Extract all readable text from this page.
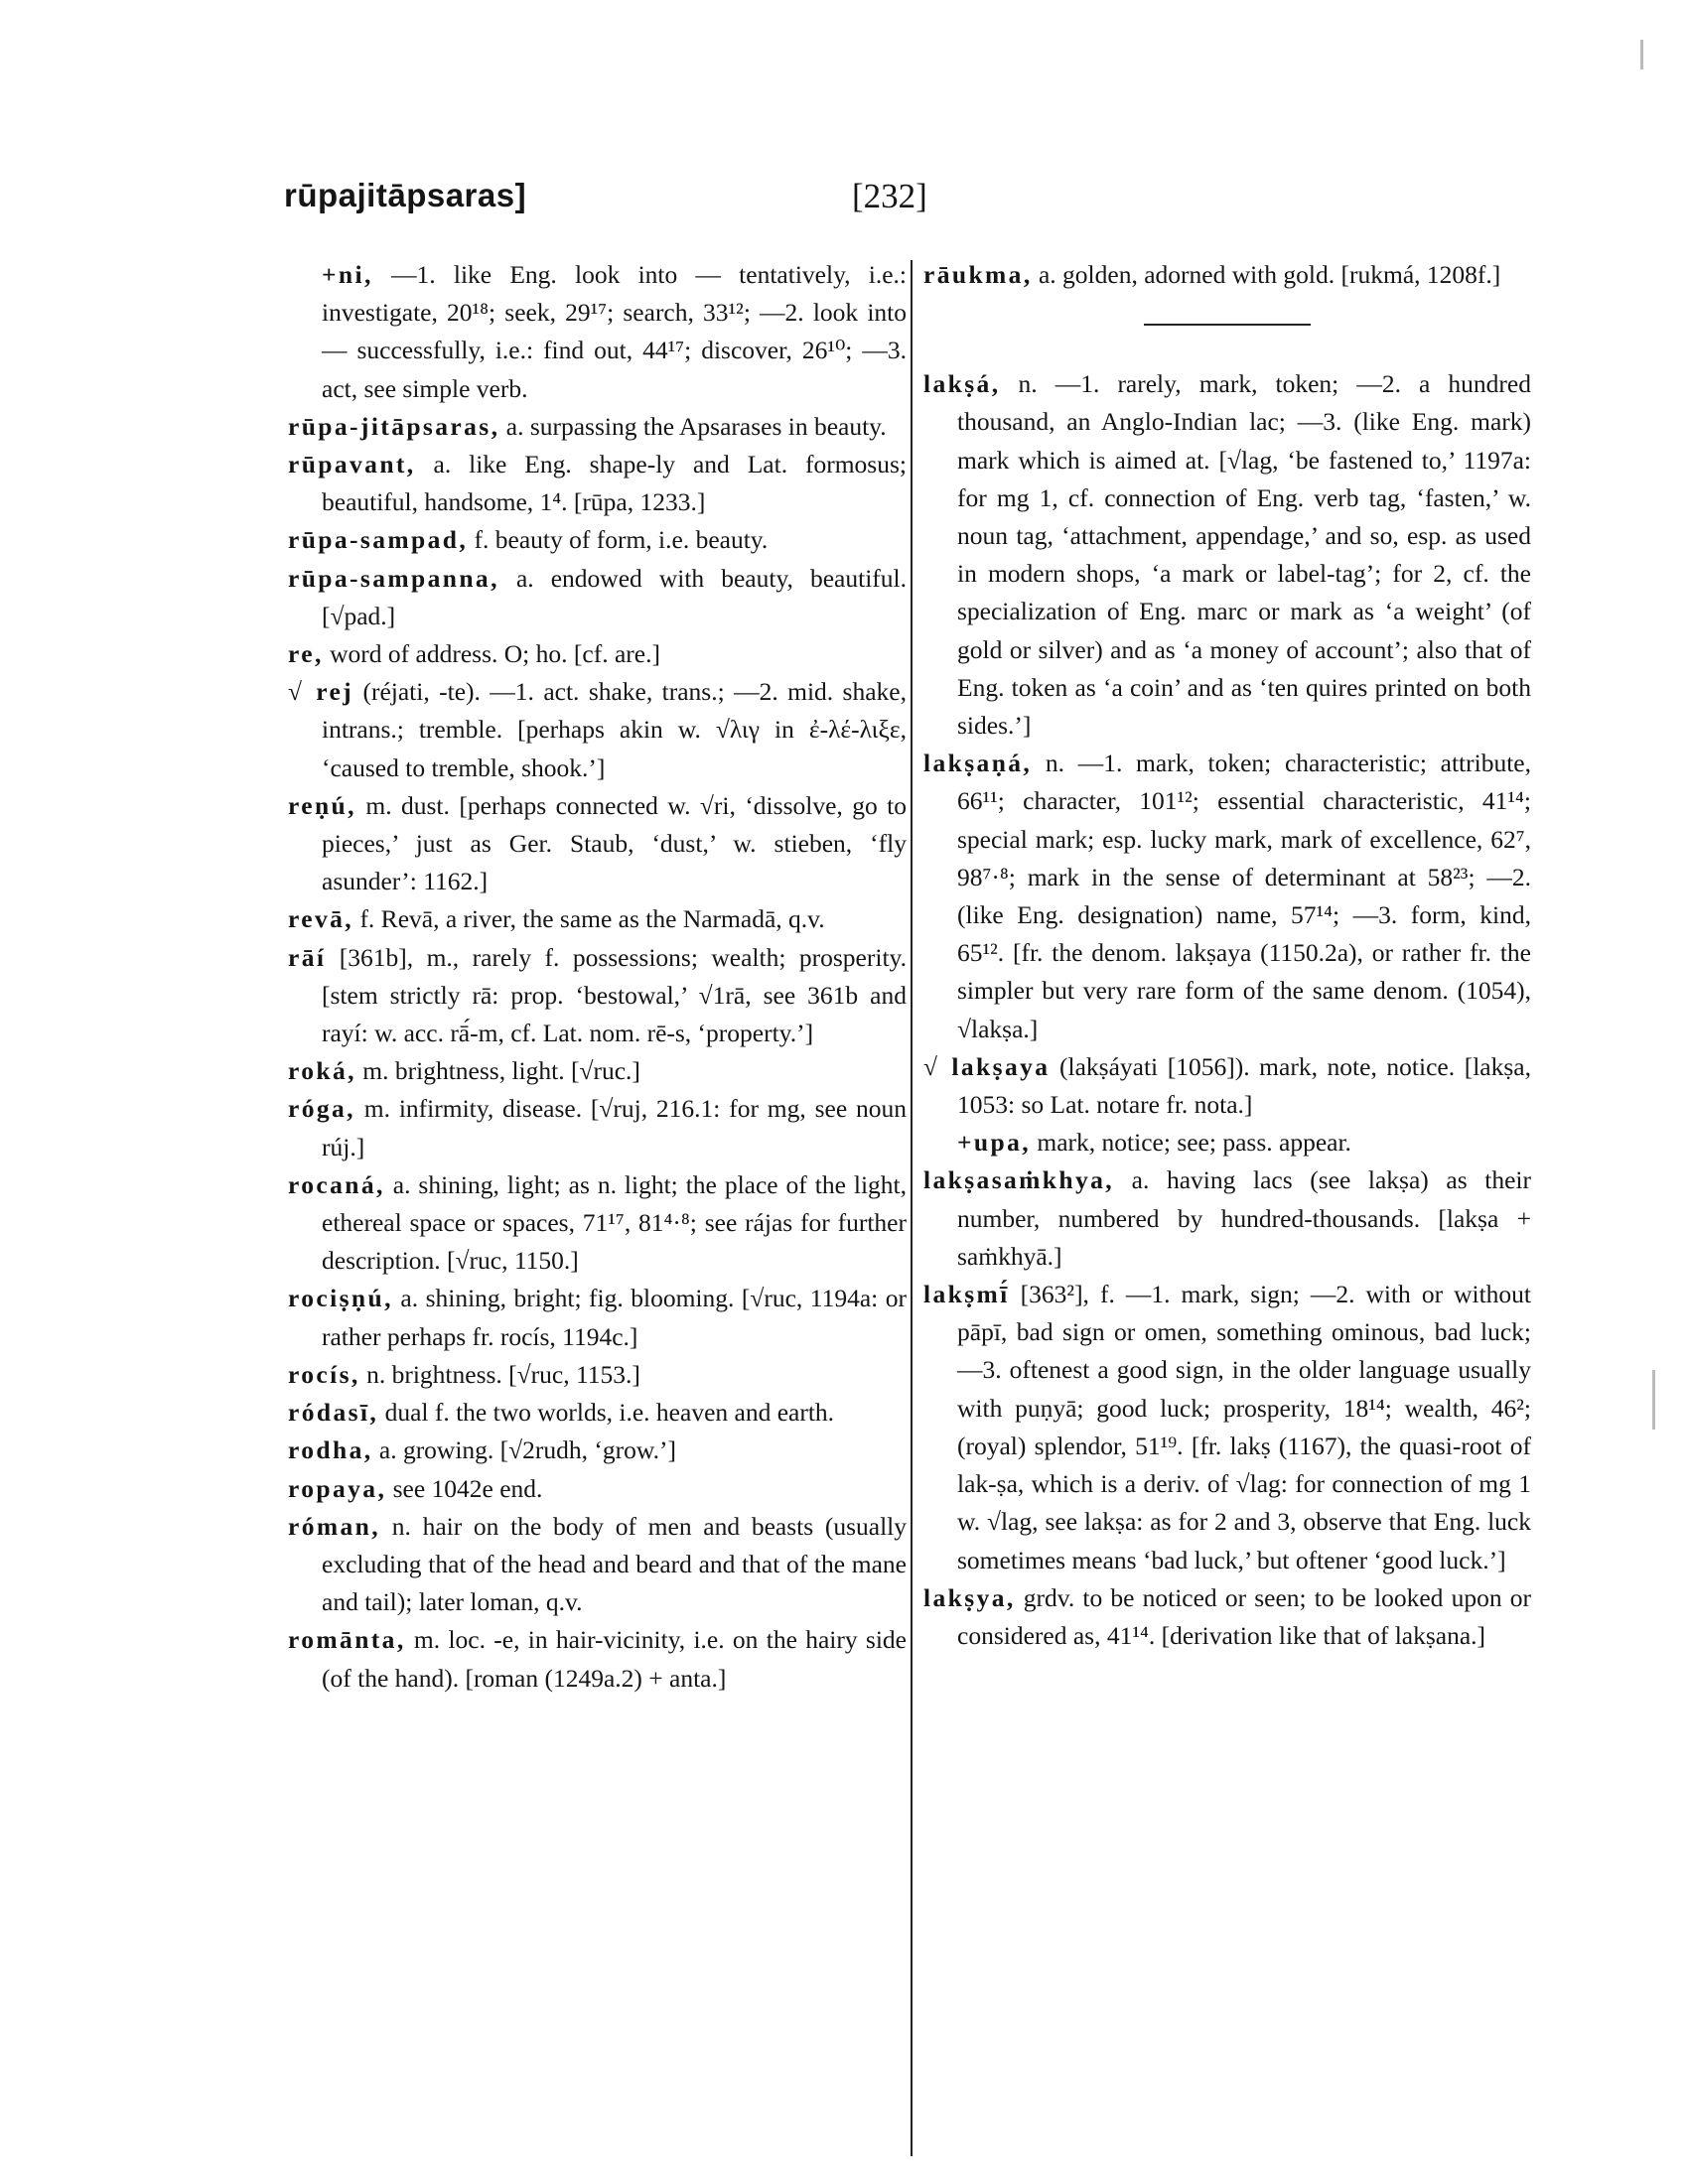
rūpajitāpsaras]	[232]

+ni, —1. like Eng. look into — tentatively, i.e.: investigate, 20¹⁸; seek, 29¹⁷; search, 33¹²; —2. look into — successfully, i.e.: find out, 44¹⁷; discover, 26¹⁰; —3. act, see simple verb.

rūpa-jitāpsaras, a. surpassing the Apsarases in beauty.

rūpavant, a. like Eng. shape-ly and Lat. formosus; beautiful, handsome, 1⁴. [rūpa, 1233.]

rūpa-sampad, f. beauty of form, i.e. beauty.

rūpa-sampanna, a. endowed with beauty, beautiful. [√pad.]

re, word of address. O; ho. [cf. are.]

√ rej (réjati, -te). —1. act. shake, trans.; —2. mid. shake, intrans.; tremble. [perhaps akin w. √λιγ in ἐ-λέ-λιξε, ‘caused to tremble, shook.’]

reṇú, m. dust. [perhaps connected w. √ri, ‘dissolve, go to pieces,’ just as Ger. Staub, ‘dust,’ w. stieben, ‘fly asunder’: 1162.]

revā, f. Revā, a river, the same as the Narmadā, q.v.

rāí [361b], m., rarely f. possessions; wealth; prosperity. [stem strictly rā: prop. ‘bestowal,’ √1rā, see 361b and rayí: w. acc. rā́-m, cf. Lat. nom. rē-s, ‘property.’]

roká, m. brightness, light. [√ruc.]

róga, m. infirmity, disease. [√ruj, 216.1: for mg, see noun rúj.]

rocaná, a. shining, light; as n. light; the place of the light, ethereal space or spaces, 71¹⁷, 81⁴·⁸; see rájas for further description. [√ruc, 1150.]

rociṣṇú, a. shining, bright; fig. blooming. [√ruc, 1194a: or rather perhaps fr. rocís, 1194c.]

rocís, n. brightness. [√ruc, 1153.]

ródasī, dual f. the two worlds, i.e. heaven and earth.

rodha, a. growing. [√2rudh, ‘grow.’]

ropaya, see 1042e end.

róman, n. hair on the body of men and beasts (usually excluding that of the head and beard and that of the mane and tail); later loman, q.v.

romānta, m. loc. -e, in hair-vicinity, i.e. on the hairy side (of the hand). [roman (1249a.2) + anta.]

rāukma, a. golden, adorned with gold. [rukmá, 1208f.]

lakṣá, n. —1. rarely, mark, token; —2. a hundred thousand, an Anglo-Indian lac; —3. (like Eng. mark) mark which is aimed at. [√lag, ‘be fastened to,’ 1197a: for mg 1, cf. connection of Eng. verb tag, ‘fasten,’ w. noun tag, ‘attachment, appendage,’ and so, esp. as used in modern shops, ‘a mark or label-tag’; for 2, cf. the specialization of Eng. marc or mark as ‘a weight’ (of gold or silver) and as ‘a money of account’; also that of Eng. token as ‘a coin’ and as ‘ten quires printed on both sides.’]

lakṣaṇá, n. —1. mark, token; characteristic; attribute, 66¹¹; character, 101¹²; essential characteristic, 41¹⁴; special mark; esp. lucky mark, mark of excellence, 62⁷, 98⁷·⁸; mark in the sense of determinant at 58²³; —2. (like Eng. designation) name, 57¹⁴; —3. form, kind, 65¹². [fr. the denom. lakṣaya (1150.2a), or rather fr. the simpler but very rare form of the same denom. (1054), √lakṣa.]

√ lakṣaya (lakṣáyati [1056]). mark, note, notice. [lakṣa, 1053: so Lat. notare fr. nota.]

+upa, mark, notice; see; pass. appear.

lakṣasaṁkhya, a. having lacs (see lakṣa) as their number, numbered by hundred-thousands. [lakṣa + saṁkhyā.]

lakṣmī́ [363²], f. —1. mark, sign; —2. with or without pāpī, bad sign or omen, something ominous, bad luck; —3. oftenest a good sign, in the older language usually with puṇyā; good luck; prosperity, 18¹⁴; wealth, 46²; (royal) splendor, 51¹⁹. [fr. lakṣ (1167), the quasi-root of lak-ṣa, which is a deriv. of √lag: for connection of mg 1 w. √lag, see lakṣa: as for 2 and 3, observe that Eng. luck sometimes means ‘bad luck,’ but oftener ‘good luck.’]

lakṣya, grdv. to be noticed or seen; to be looked upon or considered as, 41¹⁴. [derivation like that of lakṣana.]
